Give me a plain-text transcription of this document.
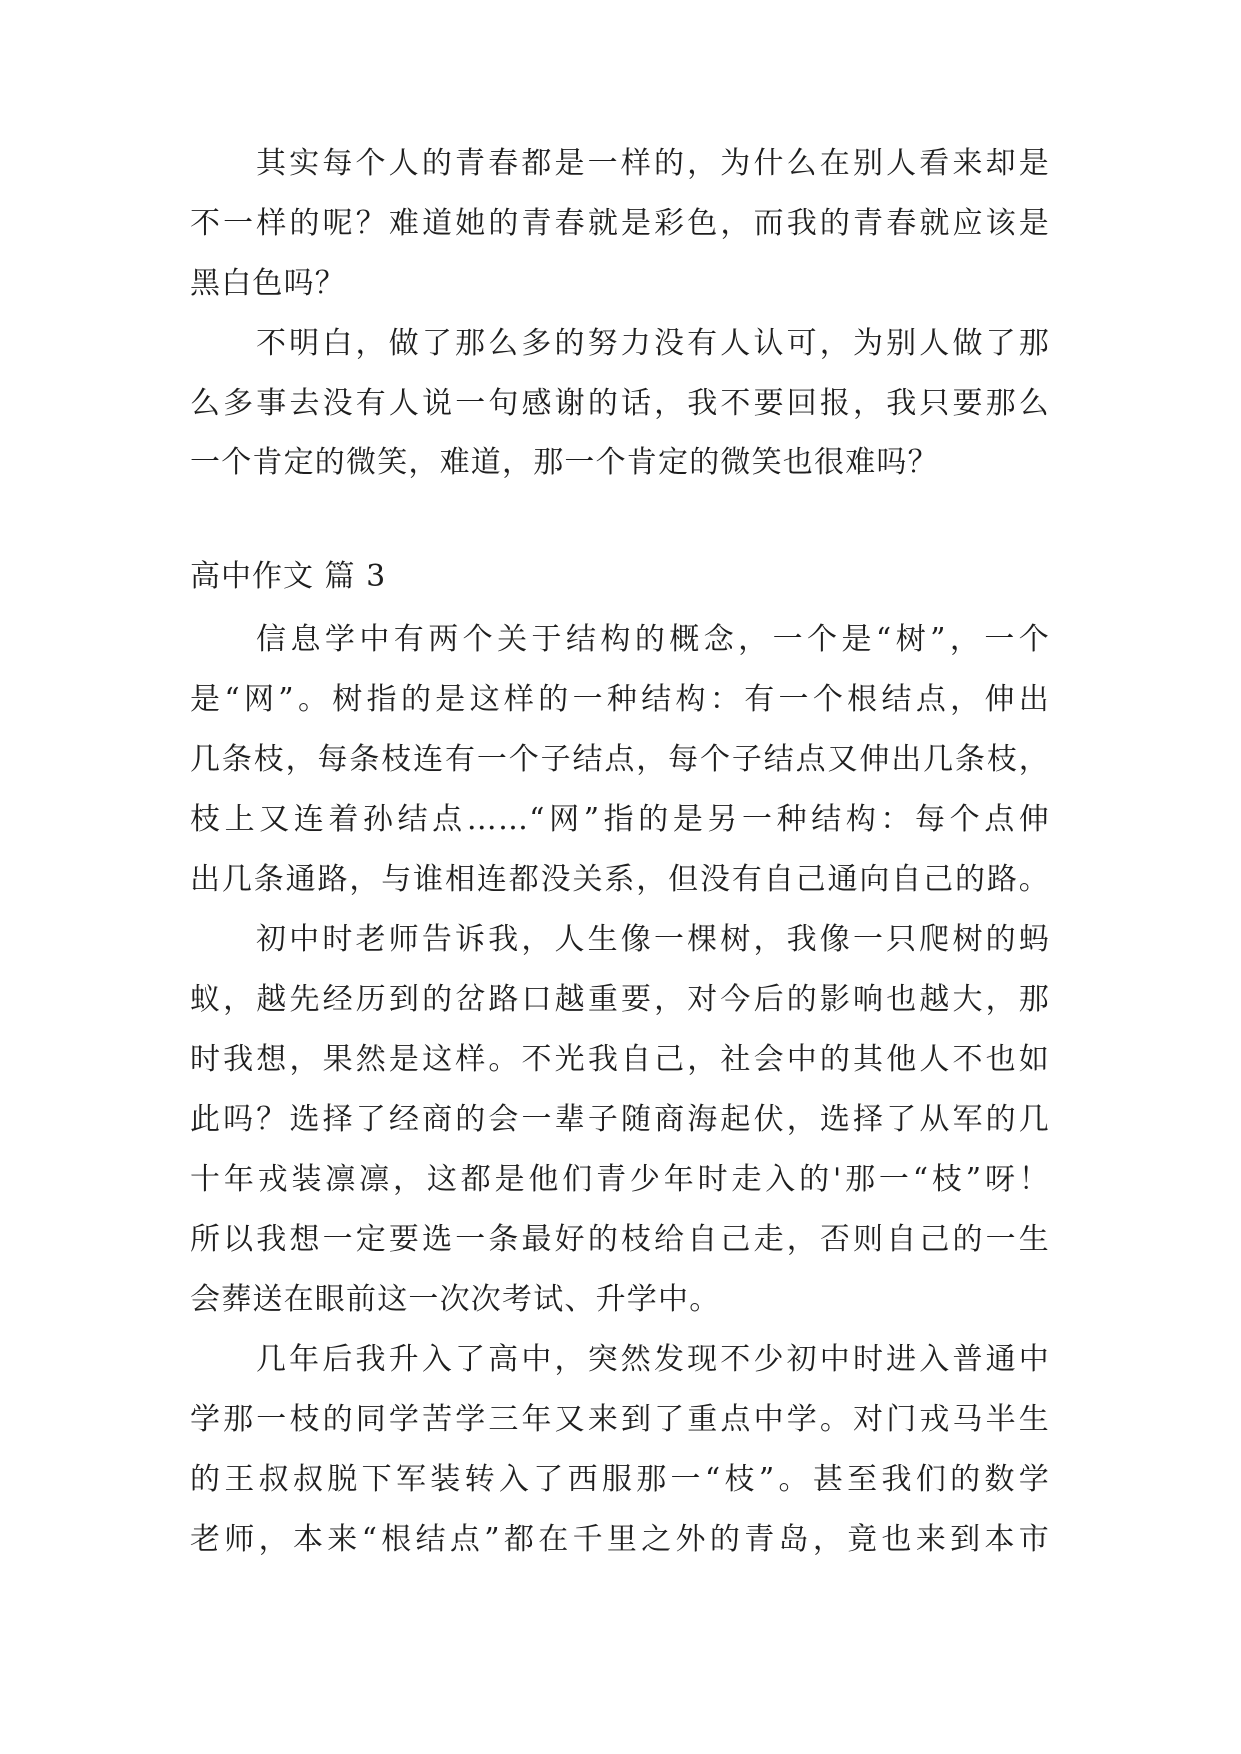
其实每个人的青春都是一样的，为什么在别人看来却是

不一样的呢？难道她的青春就是彩色，而我的青春就应该是

黑白色吗？

不明白，做了那么多的努力没有人认可，为别人做了那

么多事去没有人说一句感谢的话，我不要回报，我只要那么

一个肯定的微笑，难道，那一个肯定的微笑也很难吗？

高中作文 篇 3

信息学中有两个关于结构的概念，一个是“树”，一个

是“网”。树指的是这样的一种结构：有一个根结点，伸出

几条枝，每条枝连有一个子结点，每个子结点又伸出几条枝，

枝上又连着孙结点……“网”指的是另一种结构：每个点伸

出几条通路，与谁相连都没关系，但没有自己通向自己的路。

初中时老师告诉我，人生像一棵树，我像一只爬树的蚂

蚁，越先经历到的岔路口越重要，对今后的影响也越大，那

时我想，果然是这样。不光我自己，社会中的其他人不也如

此吗？选择了经商的会一辈子随商海起伏，选择了从军的几

十年戎装凛凛，这都是他们青少年时走入的'那一“枝”呀！

所以我想一定要选一条最好的枝给自己走，否则自己的一生

会葬送在眼前这一次次考试、升学中。

几年后我升入了高中，突然发现不少初中时进入普通中

学那一枝的同学苦学三年又来到了重点中学。对门戎马半生

的王叔叔脱下军装转入了西服那一“枝”。甚至我们的数学

老师，本来“根结点”都在千里之外的青岛，竟也来到本市
